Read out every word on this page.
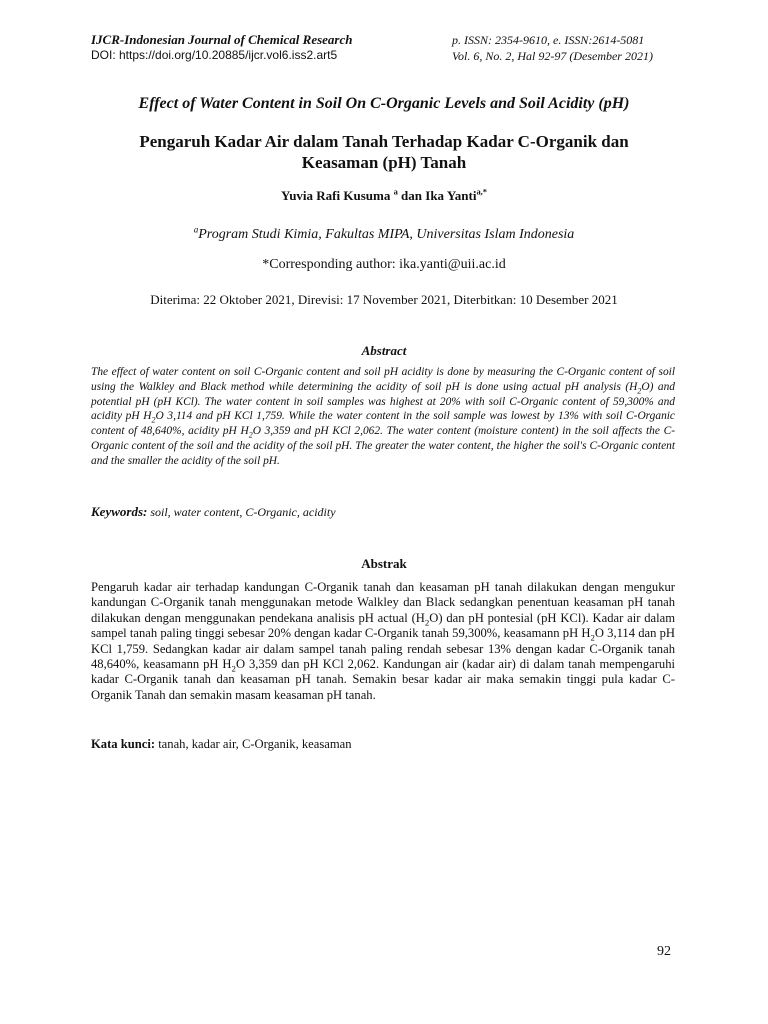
IJCR-Indonesian Journal of Chemical Research
DOI: https://doi.org/10.20885/ijcr.vol6.iss2.art5
p. ISSN: 2354-9610, e. ISSN:2614-5081
Vol. 6, No. 2, Hal 92-97 (Desember 2021)
Effect of Water Content in Soil On C-Organic Levels and Soil Acidity (pH)
Pengaruh Kadar Air dalam Tanah Terhadap Kadar C-Organik dan Keasaman (pH) Tanah
Yuvia Rafi Kusuma $^a$ dan Ika Yanti$^{a,*}$
$^a$Program Studi Kimia, Fakultas MIPA, Universitas Islam Indonesia
*Corresponding author: ika.yanti@uii.ac.id
Diterima: 22 Oktober 2021, Direvisi: 17 November 2021, Diterbitkan: 10 Desember 2021
Abstract
The effect of water content on soil C-Organic content and soil pH acidity is done by measuring the C-Organic content of soil using the Walkley and Black method while determining the acidity of soil pH is done using actual pH analysis $(H_2O)$ and potential pH (pH KCl). The water content in soil samples was highest at 20% with soil C-Organic content of 59,300% and acidity pH $H_2O$ 3,114 and pH KCl 1,759. While the water content in the soil sample was lowest by 13% with soil C-Organic content of 48,640%, acidity pH $H_2O$ 3,359 and pH KCl 2,062. The water content (moisture content) in the soil affects the C-Organic content of the soil and the acidity of the soil pH. The greater the water content, the higher the soil's C-Organic content and the smaller the acidity of the soil pH.
Keywords: soil, water content, C-Organic, acidity
Abstrak
Pengaruh kadar air terhadap kandungan C-Organik tanah dan keasaman pH tanah dilakukan dengan mengukur kandungan C-Organik tanah menggunakan metode Walkley dan Black sedangkan penentuan keasaman pH tanah dilakukan dengan menggunakan pendekana analisis pH actual $(H_2O)$ dan pH pontesial (pH KCl). Kadar air dalam sampel tanah paling tinggi sebesar 20% dengan kadar C-Organik tanah 59,300%, keasamann pH $H_2O$ 3,114 dan pH KCl 1,759. Sedangkan kadar air dalam sampel tanah paling rendah sebesar 13% dengan kadar C-Organik tanah 48,640%, keasamann pH $H_2O$ 3,359 dan pH KCl 2,062. Kandungan air (kadar air) di dalam tanah mempengaruhi kadar C-Organik tanah dan keasaman pH tanah. Semakin besar kadar air maka semakin tinggi pula kadar C-Organik Tanah dan semakin masam keasaman pH tanah.
Kata kunci: tanah, kadar air, C-Organik, keasaman
92
